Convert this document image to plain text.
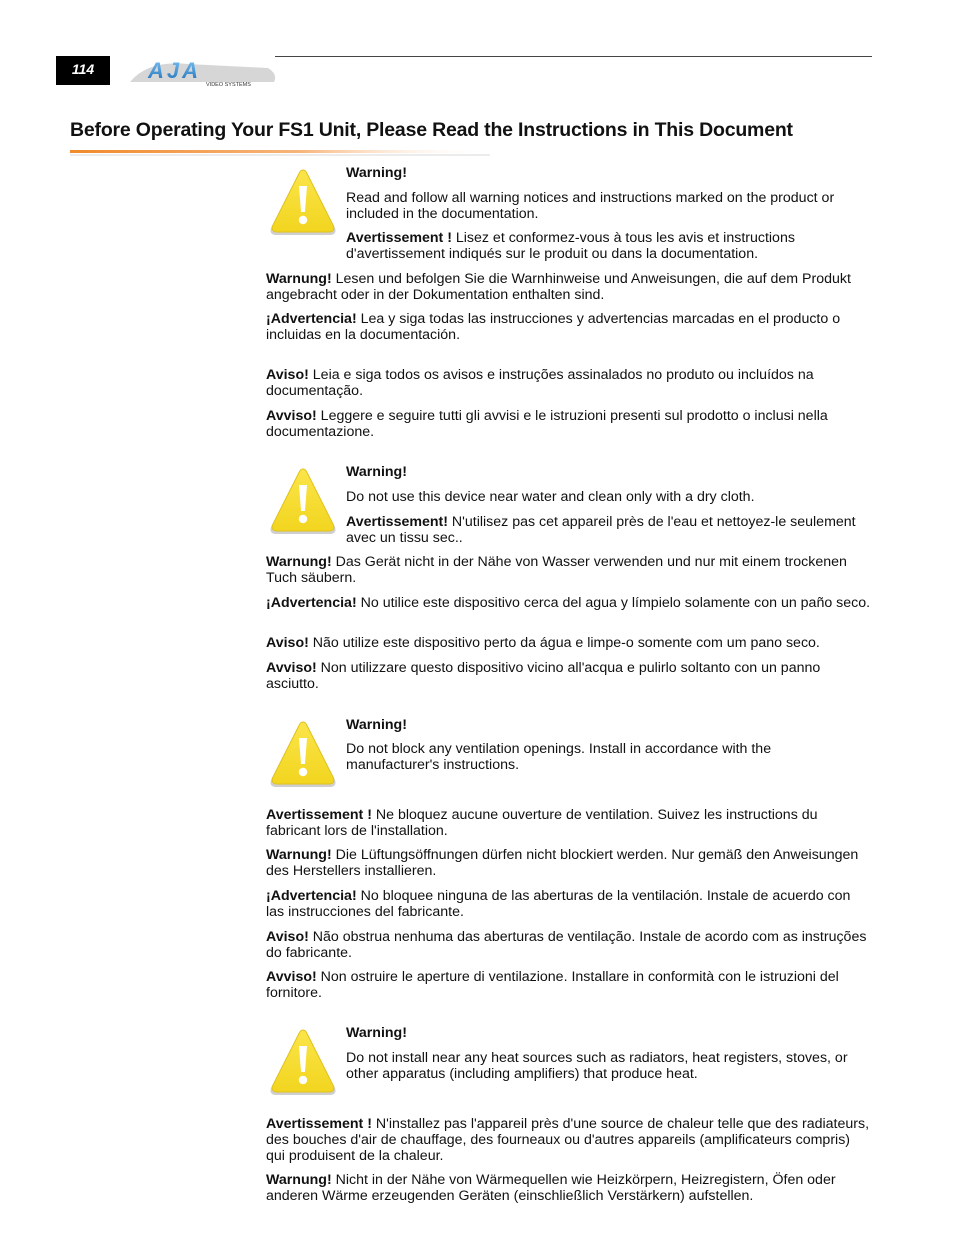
114	AJA
VIDEO SYSTEMS
Before Operating Your FS1 Unit, Please Read the Instructions in This Document

Warning!

Read and follow all warning notices and instructions marked on the product or included in the documentation.

Avertissement ! Lisez et conformez-vous à tous les avis et instructions d'avertissement indiqués sur le produit ou dans la documentation.

Warnung! Lesen und befolgen Sie die Warnhinweise und Anweisungen, die auf dem Produkt angebracht oder in der Dokumentation enthalten sind.

¡Advertencia! Lea y siga todas las instrucciones y advertencias marcadas en el producto o incluidas en la documentación.

Aviso! Leia e siga todos os avisos e instruções assinalados no produto ou incluídos na documentação.

Avviso! Leggere e seguire tutti gli avvisi e le istruzioni presenti sul prodotto o inclusi nella documentazione.

Warning!

Do not use this device near water and clean only with a dry cloth.

Avertissement! N'utilisez pas cet appareil près de l'eau et nettoyez-le seulement avec un tissu sec..

Warnung! Das Gerät nicht in der Nähe von Wasser verwenden und nur mit einem trockenen Tuch säubern.

¡Advertencia! No utilice este dispositivo cerca del agua y límpielo solamente con un paño seco.

Aviso! Não utilize este dispositivo perto da água e limpe-o somente com um pano seco.

Avviso! Non utilizzare questo dispositivo vicino all'acqua e pulirlo soltanto con un panno asciutto.

Warning!

Do not block any ventilation openings. Install in accordance with the manufacturer's instructions.

Avertissement ! Ne bloquez aucune ouverture de ventilation. Suivez les instructions du fabricant lors de l'installation.

Warnung! Die Lüftungsöffnungen dürfen nicht blockiert werden. Nur gemäß den Anweisungen des Herstellers installieren.

¡Advertencia! No bloquee ninguna de las aberturas de la ventilación. Instale de acuerdo con las instrucciones del fabricante.

Aviso! Não obstrua nenhuma das aberturas de ventilação. Instale de acordo com as instruções do fabricante.

Avviso! Non ostruire le aperture di ventilazione. Installare in conformità con le istruzioni del fornitore.

Warning!

Do not install near any heat sources such as radiators, heat registers, stoves, or other apparatus (including amplifiers) that produce heat.

Avertissement ! N'installez pas l'appareil près d'une source de chaleur telle que des radiateurs, des bouches d'air de chauffage, des fourneaux ou d'autres appareils (amplificateurs compris) qui produisent de la chaleur.

Warnung! Nicht in der Nähe von Wärmequellen wie Heizkörpern, Heizregistern, Öfen oder anderen Wärme erzeugenden Geräten (einschließlich Verstärkern) aufstellen.
